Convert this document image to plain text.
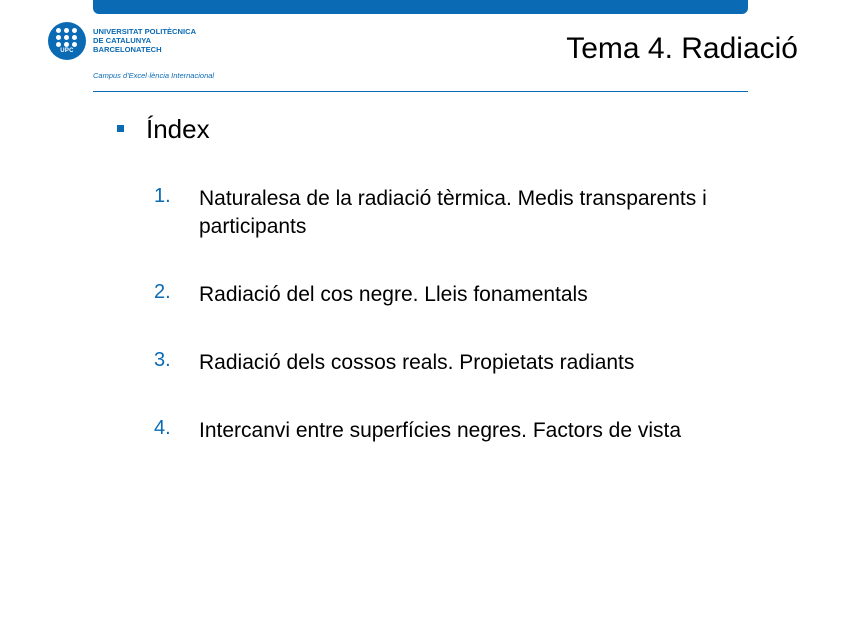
UPC
UNIVERSITAT POLITÈCNICA
DE CATALUNYA
BARCELONATECH
Campus d'Excel·lència Internacional
Tema 4. Radiació
Índex
1. Naturalesa de la radiació tèrmica. Medis transparents i participants
2. Radiació del cos negre. Lleis fonamentals
3. Radiació dels cossos reals. Propietats radiants
4. Intercanvi entre superfícies negres. Factors de vista
